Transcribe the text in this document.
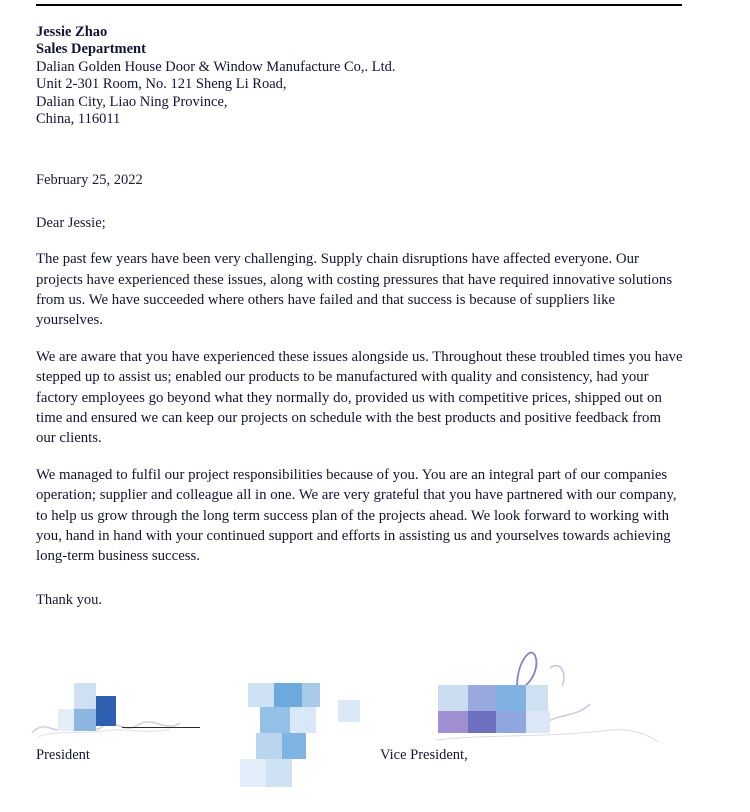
Jessie Zhao
Sales Department
Dalian Golden House Door & Window Manufacture Co,. Ltd.
Unit 2-301 Room, No. 121 Sheng Li Road,
Dalian City, Liao Ning Province,
China, 116011
February 25, 2022
Dear Jessie;
The past few years have been very challenging. Supply chain disruptions have affected everyone. Our projects have experienced these issues, along with costing pressures that have required innovative solutions from us. We have succeeded where others have failed and that success is because of suppliers like yourselves.
We are aware that you have experienced these issues alongside us. Throughout these troubled times you have stepped up to assist us; enabled our products to be manufactured with quality and consistency, had your factory employees go beyond what they normally do, provided us with competitive prices, shipped out on time and ensured we can keep our projects on schedule with the best products and positive feedback from our clients.
We managed to fulfil our project responsibilities because of you. You are an integral part of our companies operation; supplier and colleague all in one. We are very grateful that you have partnered with our company, to help us grow through the long term success plan of the projects ahead. We look forward to working with you, hand in hand with your continued support and efforts in assisting us and yourselves towards achieving long-term business success.
Thank you.
President	Vice President,
